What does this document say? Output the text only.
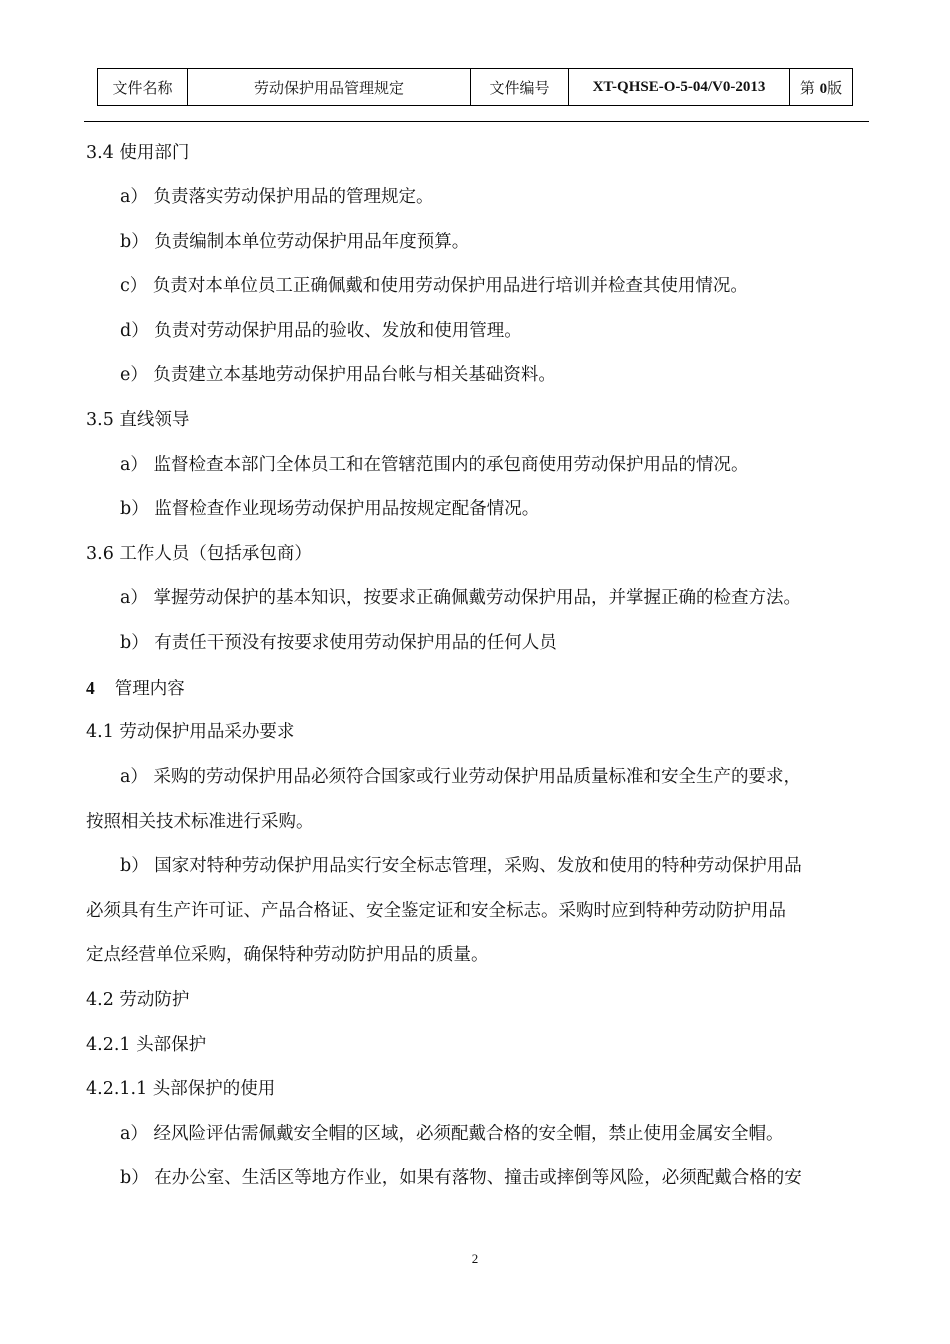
文件名称	劳动保护用品管理规定	文件编号	XT-QHSE-O-5-04/V0-2013	第 0版
3.4 使用部门
a） 负责落实劳动保护用品的管理规定。
b） 负责编制本单位劳动保护用品年度预算。
c） 负责对本单位员工正确佩戴和使用劳动保护用品进行培训并检查其使用情况。
d） 负责对劳动保护用品的验收、发放和使用管理。
e） 负责建立本基地劳动保护用品台帐与相关基础资料。
3.5 直线领导
a） 监督检查本部门全体员工和在管辖范围内的承包商使用劳动保护用品的情况。
b） 监督检查作业现场劳动保护用品按规定配备情况。
3.6 工作人员（包括承包商）
a） 掌握劳动保护的基本知识，按要求正确佩戴劳动保护用品，并掌握正确的检查方法。
b） 有责任干预没有按要求使用劳动保护用品的任何人员
4 管理内容
4.1 劳动保护用品采办要求
a） 采购的劳动保护用品必须符合国家或行业劳动保护用品质量标准和安全生产的要求，
按照相关技术标准进行采购。
b） 国家对特种劳动保护用品实行安全标志管理，采购、发放和使用的特种劳动保护用品
必须具有生产许可证、产品合格证、安全鉴定证和安全标志。采购时应到特种劳动防护用品
定点经营单位采购，确保特种劳动防护用品的质量。
4.2 劳动防护
4.2.1 头部保护
4.2.1.1 头部保护的使用
a） 经风险评估需佩戴安全帽的区域，必须配戴合格的安全帽，禁止使用金属安全帽。
b） 在办公室、生活区等地方作业，如果有落物、撞击或摔倒等风险，必须配戴合格的安
2
